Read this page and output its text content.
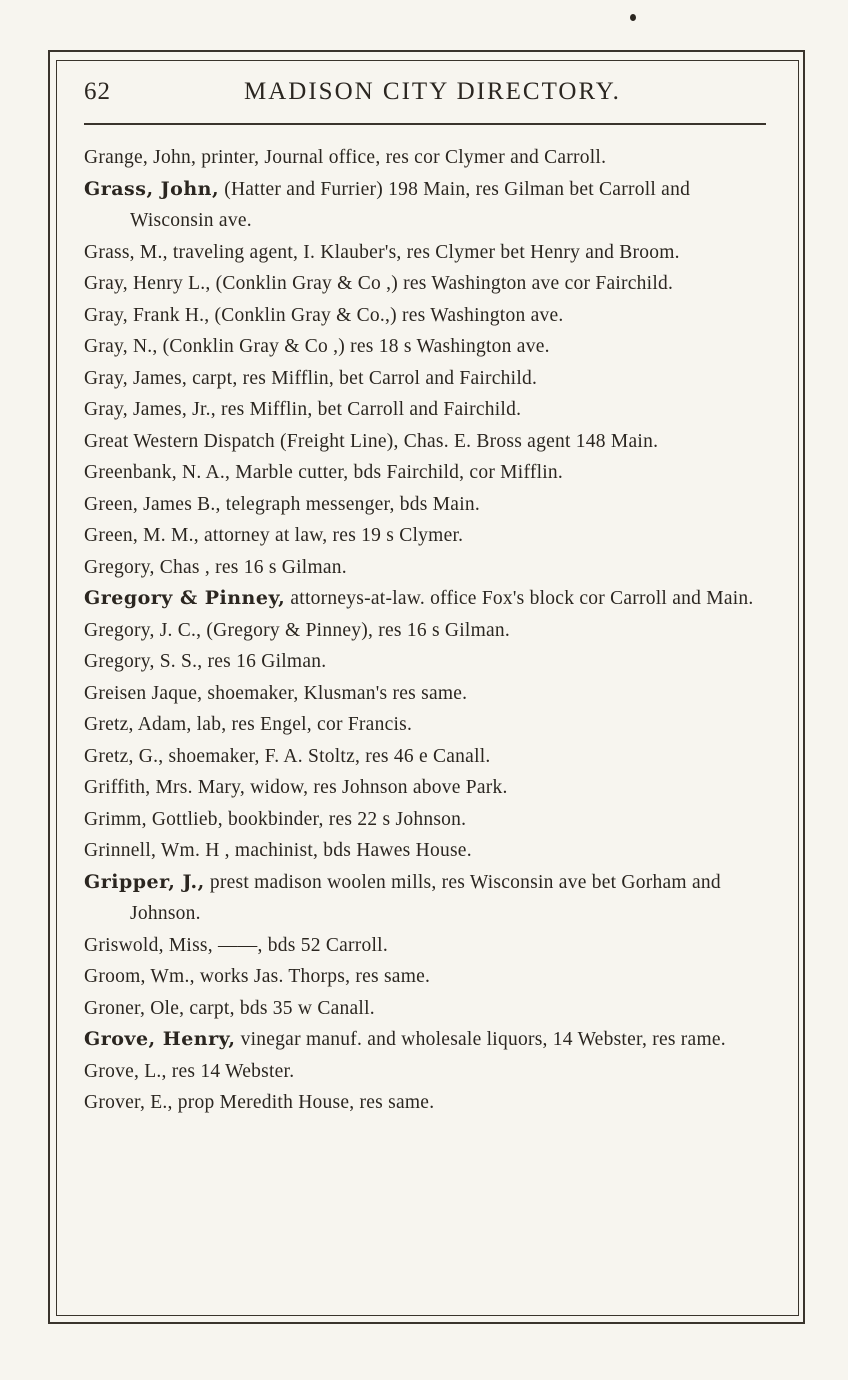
62	MADISON CITY DIRECTORY.
Grange, John, printer, Journal office, res cor Clymer and Carroll.
Grass, John, (Hatter and Furrier) 198 Main, res Gilman bet Carroll and Wisconsin ave.
Grass, M., traveling agent, I. Klauber's, res Clymer bet Henry and Broom.
Gray, Henry L., (Conklin Gray & Co ,) res Washington ave cor Fairchild.
Gray, Frank H., (Conklin Gray & Co.,) res Washington ave.
Gray, N., (Conklin Gray & Co ,) res 18 s Washington ave.
Gray, James, carpt, res Mifflin, bet Carrol and Fairchild.
Gray, James, Jr., res Mifflin, bet Carroll and Fairchild.
Great Western Dispatch (Freight Line), Chas. E. Bross agent 148 Main.
Greenbank, N. A., Marble cutter, bds Fairchild, cor Mifflin.
Green, James B., telegraph messenger, bds Main.
Green, M. M., attorney at law, res 19 s Clymer.
Gregory, Chas , res 16 s Gilman.
Gregory & Pinney, attorneys-at-law. office Fox's block cor Carroll and Main.
Gregory, J. C., (Gregory & Pinney), res 16 s Gilman.
Gregory, S. S., res 16 Gilman.
Greisen Jaque, shoemaker, Klusman's res same.
Gretz, Adam, lab, res Engel, cor Francis.
Gretz, G., shoemaker, F. A. Stoltz, res 46 e Canall.
Griffith, Mrs. Mary, widow, res Johnson above Park.
Grimm, Gottlieb, bookbinder, res 22 s Johnson.
Grinnell, Wm. H , machinist, bds Hawes House.
Gripper, J., prest madison woolen mills, res Wisconsin ave bet Gorham and Johnson.
Griswold, Miss, ——, bds 52 Carroll.
Groom, Wm., works Jas. Thorps, res same.
Groner, Ole, carpt, bds 35 w Canall.
Grove, Henry, vinegar manuf. and wholesale liquors, 14 Webster, res rame.
Grove, L., res 14 Webster.
Grover, E., prop Meredith House, res same.
